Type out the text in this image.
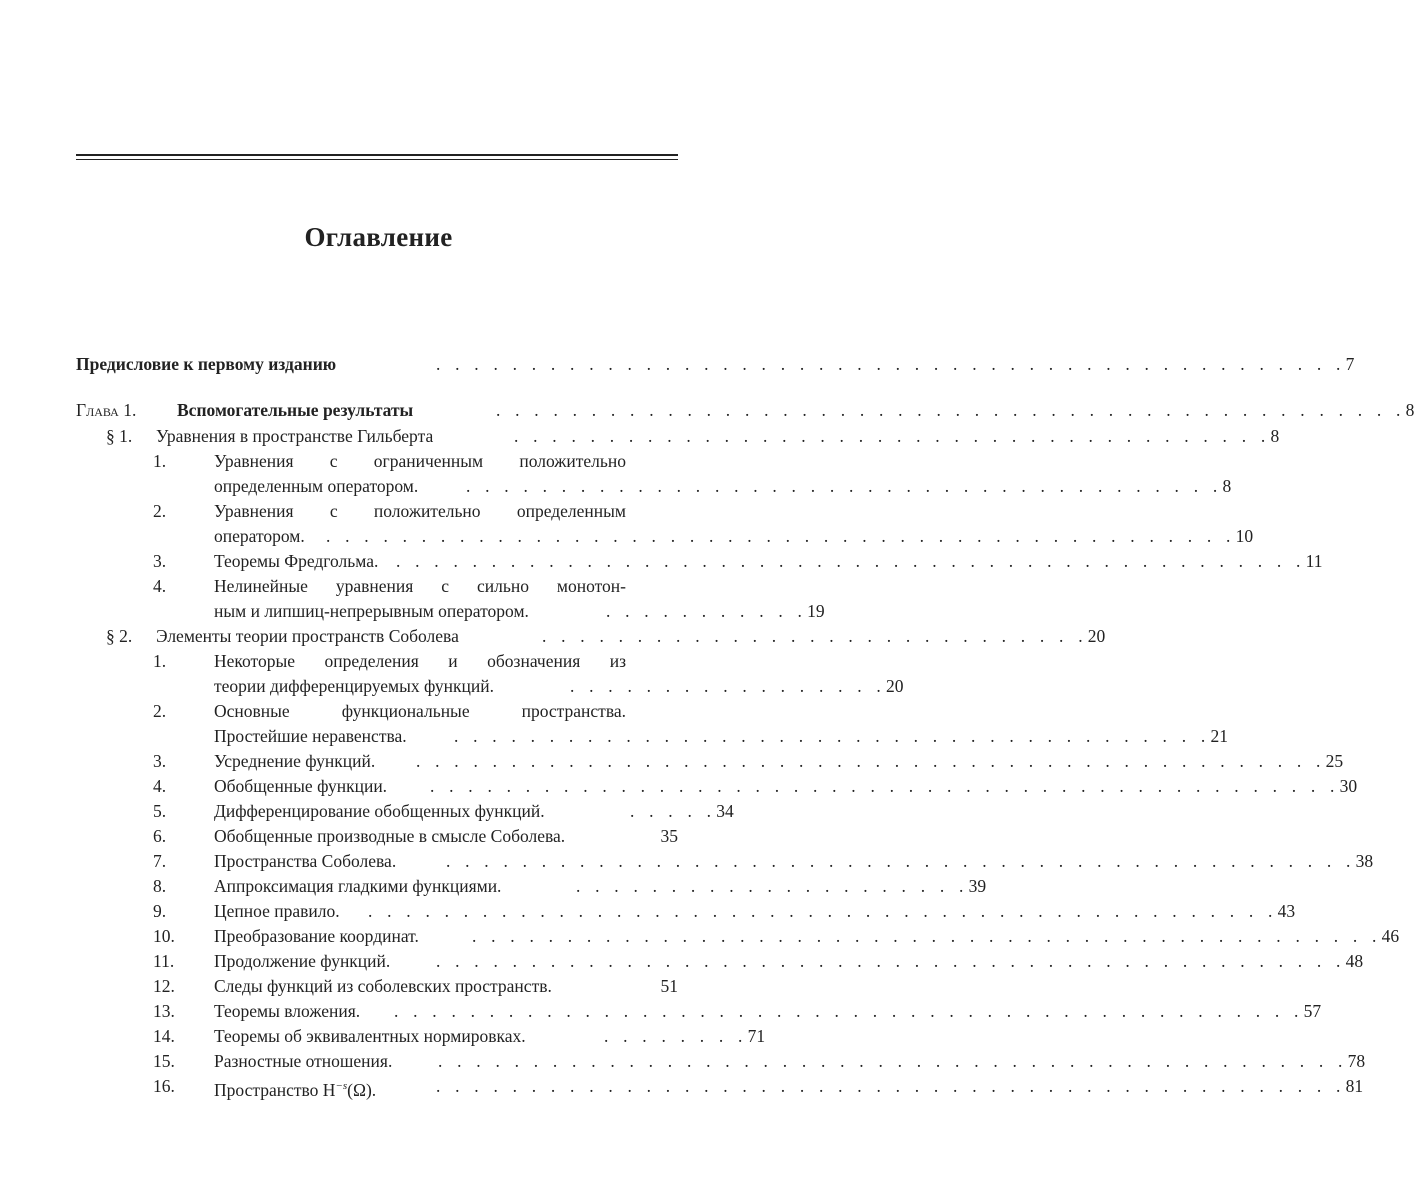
Оглавление
Предисловие к первому изданию	. . . . . . . . . . . . . . . . . . . . . . . . . . . . . . . . . . . . . . . . . . . . . . . . 7
Глава 1. Вспомогательные результаты	. . . . . . . . . . . . . . . . . . . . . . . . . . . . . . . . . . . . . . . . . . . . . . . . 8
§ 1. Уравнения в пространстве Гильберта	. . . . . . . . . . . . . . . . . . . . . . . . . . . . . . . . . . . . . . . . 8
1.	Уравнения с ограниченным положительно
определенным оператором.	. . . . . . . . . . . . . . . . . . . . . . . . . . . . . . . . . . . . . . . . 8
2.	Уравнения с положительно определенным
оператором. . . . . . . . . . . . . . . . . . . . . . . . . . . . . . . . . . . . . . . . . . . . . . . . . 10
3.	Теоремы Фредгольма. . . . . . . . . . . . . . . . . . . . . . . . . . . . . . . . . . . . . . . . . . . . . . . . . 11
4.	Нелинейные уравнения с сильно монотон-
ным и липшиц-непрерывным оператором.	. . . . . . . . . . . 19
§ 2. Элементы теории пространств Соболева	. . . . . . . . . . . . . . . . . . . . . . . . . . . . . 20
1.	Некоторые определения и обозначения из
теории дифференцируемых функций.	. . . . . . . . . . . . . . . . . 20
2.	Основные функциональные пространства.
Простейшие неравенства.	. . . . . . . . . . . . . . . . . . . . . . . . . . . . . . . . . . . . . . . . 21
3.	Усреднение функций. . . . . . . . . . . . . . . . . . . . . . . . . . . . . . . . . . . . . . . . . . . . . . . . . 25
4.	Обобщенные функции. . . . . . . . . . . . . . . . . . . . . . . . . . . . . . . . . . . . . . . . . . . . . . . . . 30
5.	Дифференцирование обобщенных функций.	. . . . . 34
6.	Обобщенные производные в смысле Соболева.	35
7.	Пространства Соболева.	. . . . . . . . . . . . . . . . . . . . . . . . . . . . . . . . . . . . . . . . . . . . . . . . 38
8.	Аппроксимация гладкими функциями.	. . . . . . . . . . . . . . . . . . . . . 39
9.	Цепное правило. . . . . . . . . . . . . . . . . . . . . . . . . . . . . . . . . . . . . . . . . . . . . . . . . 43
10. Преобразование координат.	. . . . . . . . . . . . . . . . . . . . . . . . . . . . . . . . . . . . . . . . . . . . . . . . 46
11. Продолжение функций.	. . . . . . . . . . . . . . . . . . . . . . . . . . . . . . . . . . . . . . . . . . . . . . . . 48
12. Следы функций из соболевских пространств.	51
13. Теоремы вложения. . . . . . . . . . . . . . . . . . . . . . . . . . . . . . . . . . . . . . . . . . . . . . . . . 57
14. Теоремы об эквивалентных нормировках.	. . . . . . . . 71
15. Разностные отношения.	. . . . . . . . . . . . . . . . . . . . . . . . . . . . . . . . . . . . . . . . . . . . . . . . 78
16. Пространство $H^{-s}(\Omega)$.	. . . . . . . . . . . . . . . . . . . . . . . . . . . . . . . . . . . . . . . . . . . . . . . . 81
